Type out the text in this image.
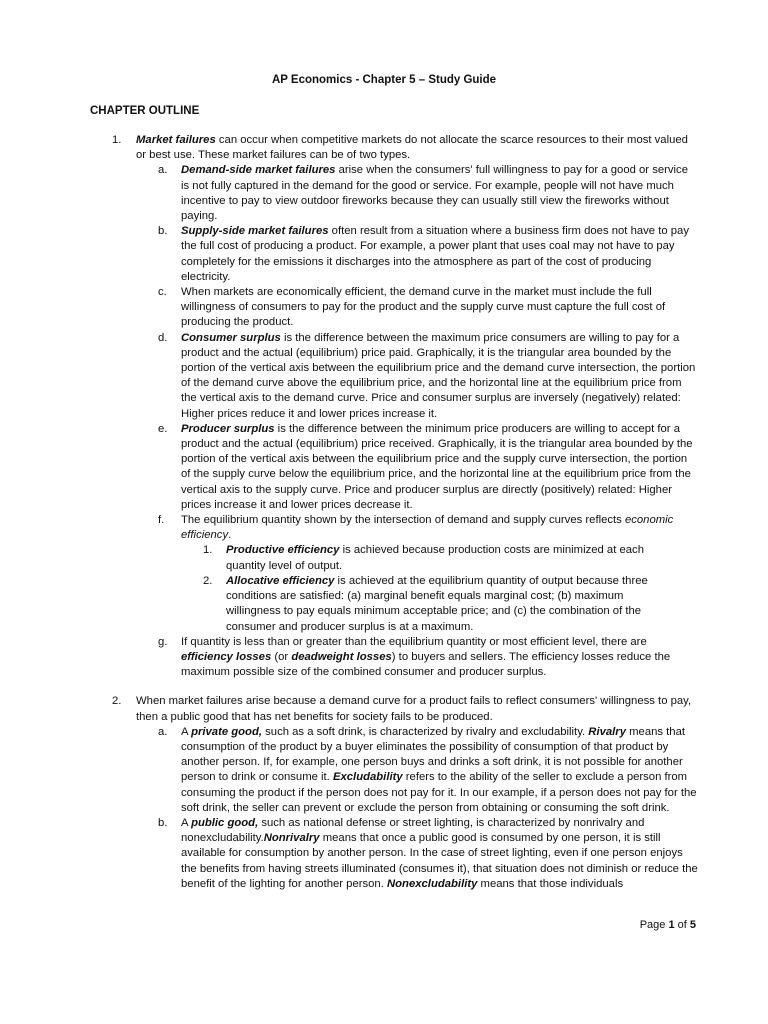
AP Economics - Chapter 5 – Study Guide
CHAPTER OUTLINE
1. Market failures can occur when competitive markets do not allocate the scarce resources to their most valued or best use. These market failures can be of two types.
a. Demand-side market failures arise when the consumers' full willingness to pay for a good or service is not fully captured in the demand for the good or service. For example, people will not have much incentive to pay to view outdoor fireworks because they can usually still view the fireworks without paying.
b. Supply-side market failures often result from a situation where a business firm does not have to pay the full cost of producing a product. For example, a power plant that uses coal may not have to pay completely for the emissions it discharges into the atmosphere as part of the cost of producing electricity.
c. When markets are economically efficient, the demand curve in the market must include the full willingness of consumers to pay for the product and the supply curve must capture the full cost of producing the product.
d. Consumer surplus is the difference between the maximum price consumers are willing to pay for a product and the actual (equilibrium) price paid. Graphically, it is the triangular area bounded by the portion of the vertical axis between the equilibrium price and the demand curve intersection, the portion of the demand curve above the equilibrium price, and the horizontal line at the equilibrium price from the vertical axis to the demand curve. Price and consumer surplus are inversely (negatively) related: Higher prices reduce it and lower prices increase it.
e. Producer surplus is the difference between the minimum price producers are willing to accept for a product and the actual (equilibrium) price received. Graphically, it is the triangular area bounded by the portion of the vertical axis between the equilibrium price and the supply curve intersection, the portion of the supply curve below the equilibrium price, and the horizontal line at the equilibrium price from the vertical axis to the supply curve. Price and producer surplus are directly (positively) related: Higher prices increase it and lower prices decrease it.
f. The equilibrium quantity shown by the intersection of demand and supply curves reflects economic efficiency.
1. Productive efficiency is achieved because production costs are minimized at each quantity level of output.
2. Allocative efficiency is achieved at the equilibrium quantity of output because three conditions are satisfied: (a) marginal benefit equals marginal cost; (b) maximum willingness to pay equals minimum acceptable price; and (c) the combination of the consumer and producer surplus is at a maximum.
g. If quantity is less than or greater than the equilibrium quantity or most efficient level, there are efficiency losses (or deadweight losses) to buyers and sellers. The efficiency losses reduce the maximum possible size of the combined consumer and producer surplus.
2. When market failures arise because a demand curve for a product fails to reflect consumers' willingness to pay, then a public good that has net benefits for society fails to be produced.
a. A private good, such as a soft drink, is characterized by rivalry and excludability. Rivalry means that consumption of the product by a buyer eliminates the possibility of consumption of that product by another person. If, for example, one person buys and drinks a soft drink, it is not possible for another person to drink or consume it. Excludability refers to the ability of the seller to exclude a person from consuming the product if the person does not pay for it. In our example, if a person does not pay for the soft drink, the seller can prevent or exclude the person from obtaining or consuming the soft drink.
b. A public good, such as national defense or street lighting, is characterized by nonrivalry and nonexcludability.Nonrivalry means that once a public good is consumed by one person, it is still available for consumption by another person. In the case of street lighting, even if one person enjoys the benefits from having streets illuminated (consumes it), that situation does not diminish or reduce the benefit of the lighting for another person. Nonexcludability means that those individuals
Page 1 of 5
